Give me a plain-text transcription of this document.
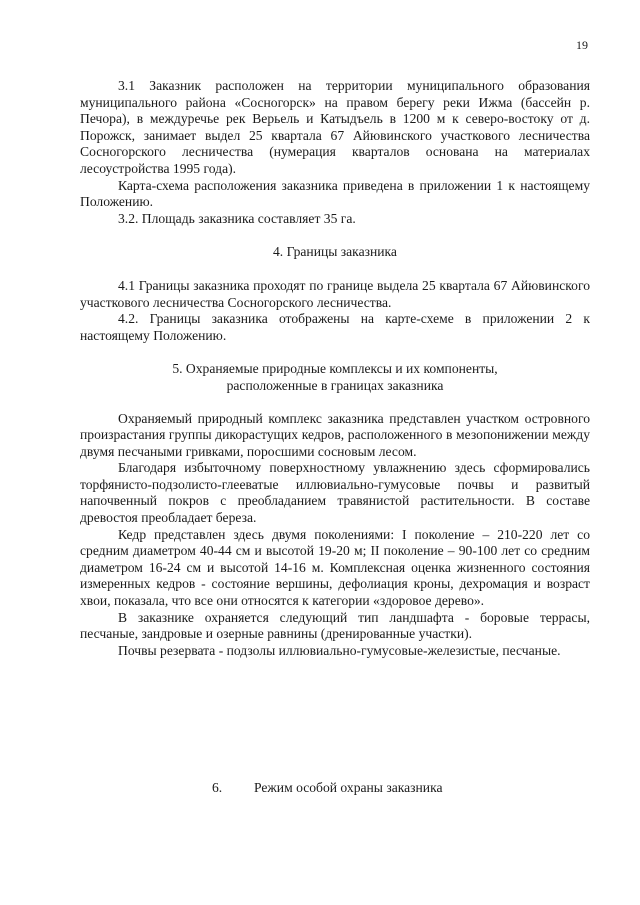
19

3.1 Заказник расположен на территории муниципального образования муниципального района «Сосногорск» на правом берегу реки Ижма (бассейн р. Печора), в междуречье рек Верьель и Катыдъель в 1200 м к северо-востоку от д. Порожск, занимает выдел 25 квартала 67 Айювинского участкового лесничества Сосногорского лесничества (нумерация кварталов основана на материалах лесоустройства 1995 года).

Карта-схема расположения заказника приведена в приложении 1 к настоящему Положению.

3.2. Площадь заказника составляет 35 га.

4. Границы заказника

4.1 Границы заказника проходят по границе выдела 25 квартала 67 Айювинского участкового лесничества Сосногорского лесничества.

4.2. Границы заказника отображены на карте-схеме в приложении 2 к настоящему Положению.

5. Охраняемые природные комплексы и их компоненты,
расположенные в границах заказника

Охраняемый природный комплекс заказника представлен участком островного произрастания группы дикорастущих кедров, расположенного в мезопонижении между двумя песчаными гривками, поросшими сосновым лесом.

Благодаря избыточному поверхностному увлажнению здесь сформировались торфянисто-подзолисто-глееватые иллювиально-гумусовые почвы и развитый напочвенный покров с преобладанием травянистой растительности. В составе древостоя преобладает береза.

Кедр представлен здесь двумя поколениями: I поколение – 210-220 лет со средним диаметром 40-44 см и высотой 19-20 м; II поколение – 90-100 лет со средним диаметром 16-24 см и высотой 14-16 м. Комплексная оценка жизненного состояния измеренных кедров - состояние вершины, дефолиация кроны, дехромация и возраст хвои, показала, что все они относятся к категории «здоровое дерево».

В заказнике охраняется следующий тип ландшафта - боровые террасы, песчаные, зандровые и озерные равнины (дренированные участки).

Почвы резервата - подзолы иллювиально-гумусовые-железистые, песчаные.

6. Режим особой охраны заказника
